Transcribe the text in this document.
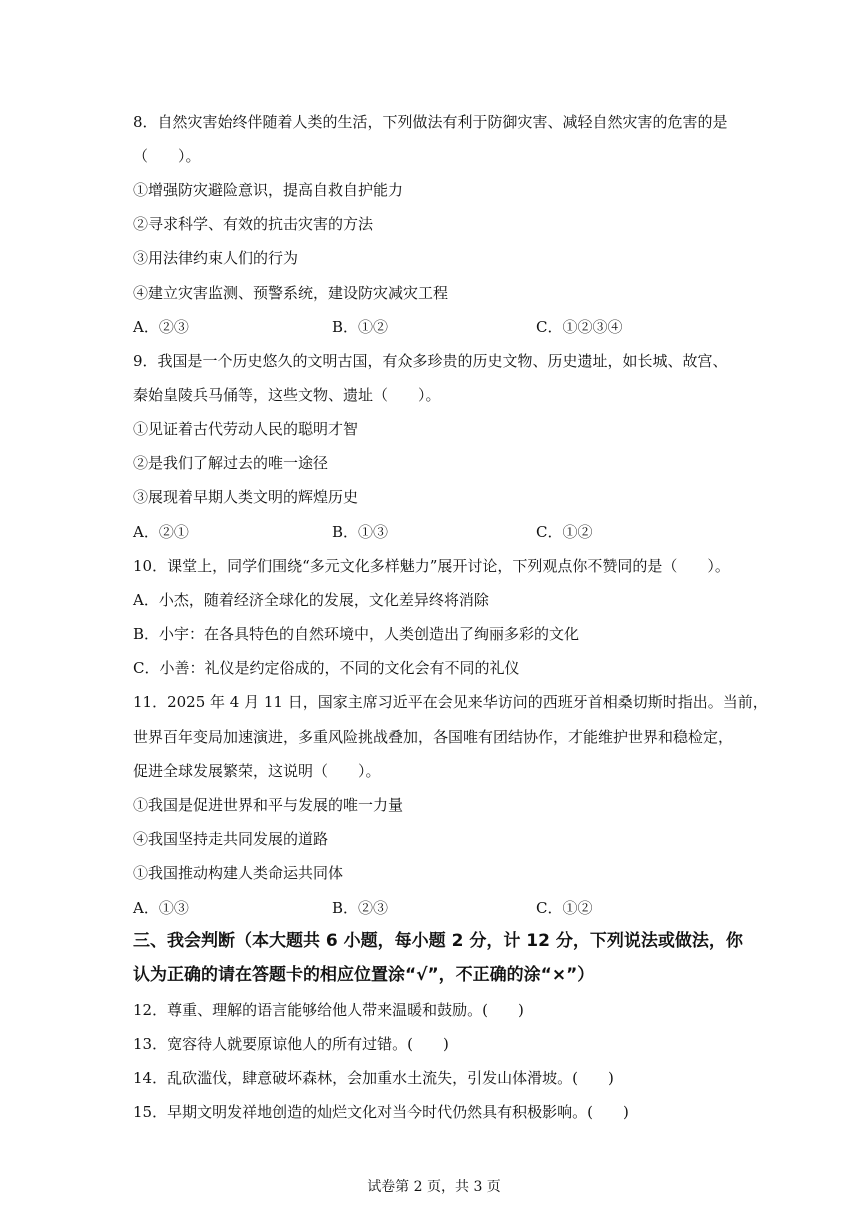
8．自然灾害始终伴随着人类的生活，下列做法有利于防御灾害、减轻自然灾害的危害的是
（　　）。
①增强防灾避险意识，提高自救自护能力
②寻求科学、有效的抗击灾害的方法
③用法律约束人们的行为
④建立灾害监测、预警系统，建设防灾减灾工程
A．②③	B．①②	C．①②③④
9．我国是一个历史悠久的文明古国，有众多珍贵的历史文物、历史遗址，如长城、故宫、
秦始皇陵兵马俑等，这些文物、遗址（　　）。
①见证着古代劳动人民的聪明才智
②是我们了解过去的唯一途径
③展现着早期人类文明的辉煌历史
A．②①	B．①③	C．①②
10．课堂上，同学们围绕“多元文化多样魅力”展开讨论，下列观点你不赞同的是（　　）。
A．小杰，随着经济全球化的发展，文化差异终将消除
B．小宇：在各具特色的自然环境中，人类创造出了绚丽多彩的文化
C．小善：礼仪是约定俗成的，不同的文化会有不同的礼仪
11．2025 年 4 月 11 日，国家主席习近平在会见来华访问的西班牙首相桑切斯时指出。当前，
世界百年变局加速演进，多重风险挑战叠加，各国唯有团结协作，才能维护世界和稳检定，
促进全球发展繁荣，这说明（　　）。
①我国是促进世界和平与发展的唯一力量
④我国坚持走共同发展的道路
①我国推动构建人类命运共同体
A．①③	B．②③	C．①②
三、我会判断（本大题共 6 小题，每小题 2 分，计 12 分，下列说法或做法，你
认为正确的请在答题卡的相应位置涂“√”，不正确的涂“×”）
12．尊重、理解的语言能够给他人带来温暖和鼓励。(　　)
13．宽容待人就要原谅他人的所有过错。(　　)
14．乱砍滥伐，肆意破坏森林，会加重水土流失，引发山体滑坡。(　　)
15．早期文明发祥地创造的灿烂文化对当今时代仍然具有积极影响。(　　)
试卷第 2 页，共 3 页
